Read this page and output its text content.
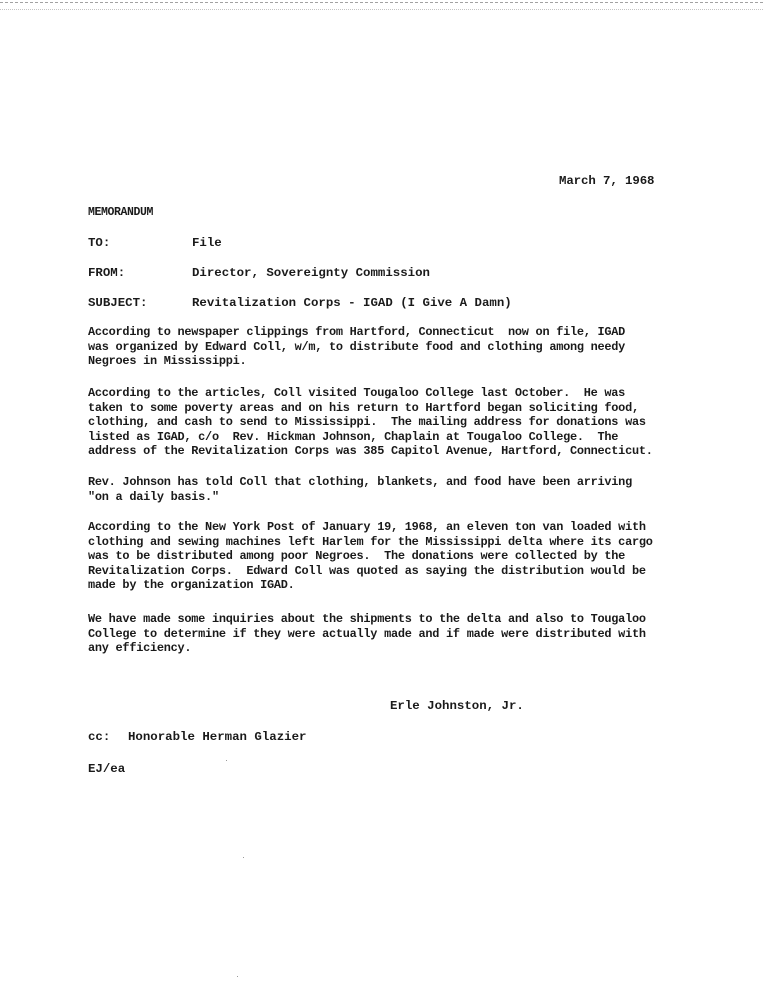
March 7, 1968
MEMORANDUM
TO:	File
FROM:	Director, Sovereignty Commission
SUBJECT:	Revitalization Corps - IGAD (I Give A Damn)

According to newspaper clippings from Hartford, Connecticut  now on file, IGAD
was organized by Edward Coll, w/m, to distribute food and clothing among needy
Negroes in Mississippi.

According to the articles, Coll visited Tougaloo College last October.  He was
taken to some poverty areas and on his return to Hartford began soliciting food,
clothing, and cash to send to Mississippi.  The mailing address for donations was
listed as IGAD, c/o  Rev. Hickman Johnson, Chaplain at Tougaloo College.  The
address of the Revitalization Corps was 385 Capitol Avenue, Hartford, Connecticut.

Rev. Johnson has told Coll that clothing, blankets, and food have been arriving
"on a daily basis."

According to the New York Post of January 19, 1968, an eleven ton van loaded with
clothing and sewing machines left Harlem for the Mississippi delta where its cargo
was to be distributed among poor Negroes.  The donations were collected by the
Revitalization Corps.  Edward Coll was quoted as saying the distribution would be
made by the organization IGAD.

We have made some inquiries about the shipments to the delta and also to Tougaloo
College to determine if they were actually made and if made were distributed with
any efficiency.

Erle Johnston, Jr.
cc: Honorable Herman Glazier
EJ/ea
